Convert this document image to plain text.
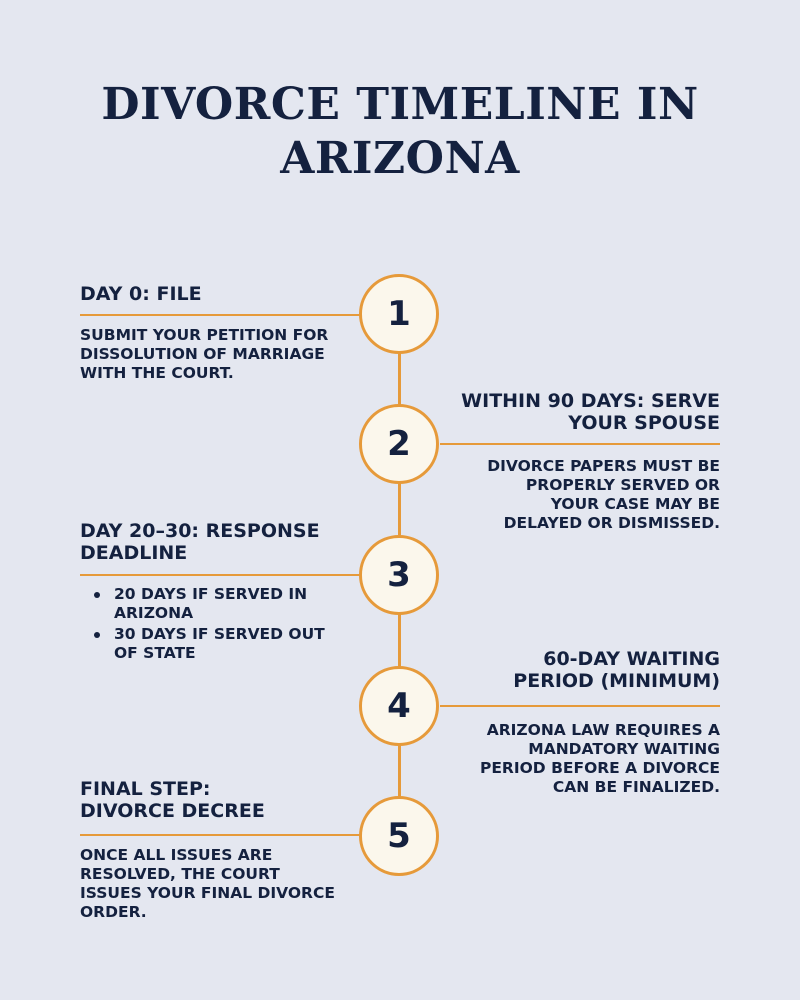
DIVORCE TIMELINE IN
ARIZONA
1
DAY 0: FILE
SUBMIT YOUR PETITION FOR
DISSOLUTION OF MARRIAGE
WITH THE COURT.
2
WITHIN 90 DAYS: SERVE
YOUR SPOUSE
DIVORCE PAPERS MUST BE
PROPERLY SERVED OR
YOUR CASE MAY BE
DELAYED OR DISMISSED.
3
DAY 20–30: RESPONSE
DEADLINE
20 DAYS IF SERVED IN
ARIZONA
30 DAYS IF SERVED OUT
OF STATE
4
60-DAY WAITING
PERIOD (MINIMUM)
ARIZONA LAW REQUIRES A
MANDATORY WAITING
PERIOD BEFORE A DIVORCE
CAN BE FINALIZED.
5
FINAL STEP:
DIVORCE DECREE
ONCE ALL ISSUES ARE
RESOLVED, THE COURT
ISSUES YOUR FINAL DIVORCE
ORDER.
